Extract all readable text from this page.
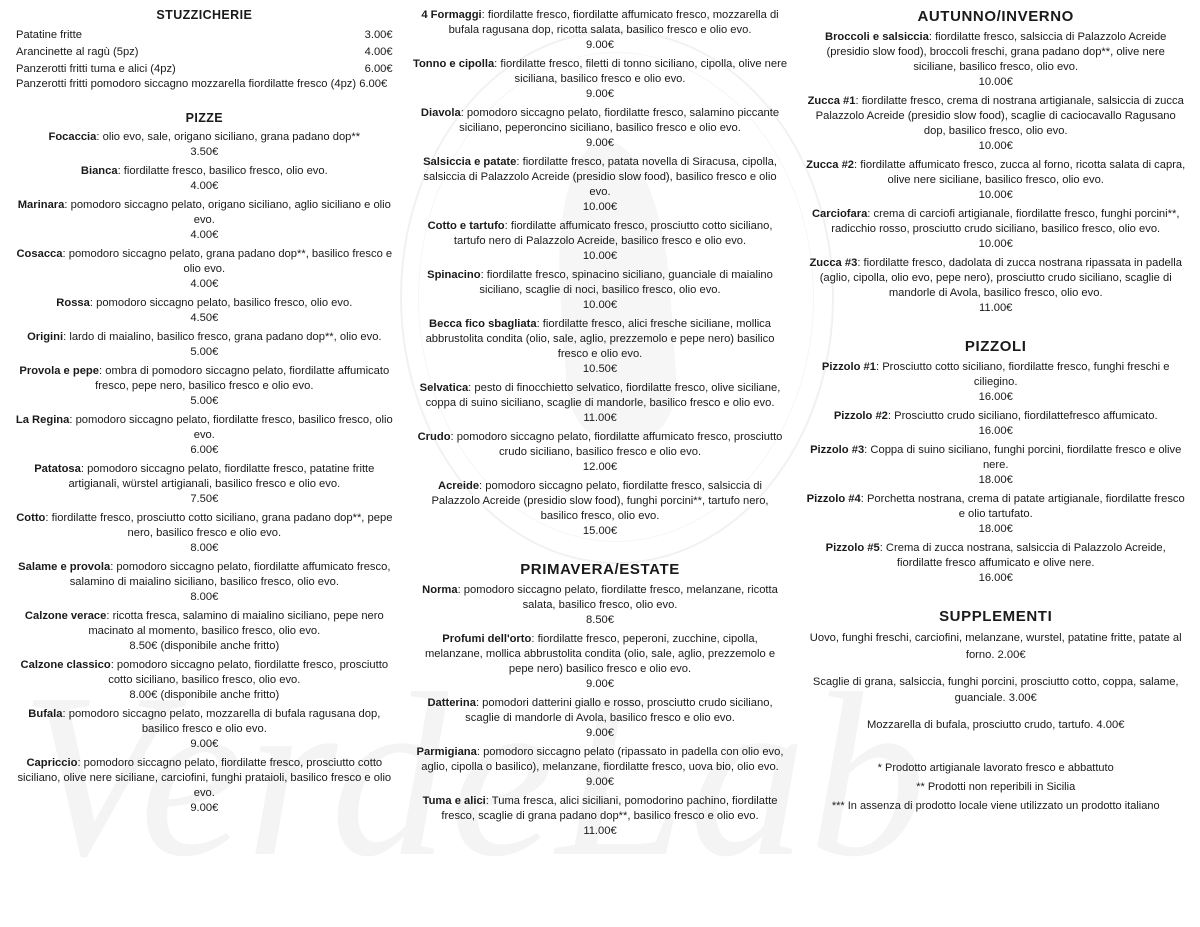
STUZZICHERIE
Patatine fritte	3.00€
Arancinette al ragù (5pz)	4.00€
Panzerotti fritti tuma e alici (4pz)	6.00€
Panzerotti fritti pomodoro siccagno mozzarella fiordilatte fresco (4pz) 6.00€
PIZZE
Focaccia: olio evo, sale, origano siciliano, grana padano dop**
3.50€
Bianca: fiordilatte fresco, basilico fresco, olio evo.
4.00€
Marinara: pomodoro siccagno pelato, origano siciliano, aglio siciliano e olio evo.
4.00€
Cosacca: pomodoro siccagno pelato, grana padano dop**, basilico fresco e olio evo.
4.00€
Rossa: pomodoro siccagno pelato, basilico fresco, olio evo.
4.50€
Origini: lardo di maialino, basilico fresco, grana padano dop**, olio evo.
5.00€
Provola e pepe: ombra di pomodoro siccagno pelato, fiordilatte affumicato fresco, pepe nero, basilico fresco e olio evo.
5.00€
La Regina: pomodoro siccagno pelato, fiordilatte fresco, basilico fresco, olio evo.
6.00€
Patatosa: pomodoro siccagno pelato, fiordilatte fresco, patatine fritte artigianali, würstel artigianali, basilico fresco e olio evo.
7.50€
Cotto: fiordilatte fresco, prosciutto cotto siciliano, grana padano dop**, pepe nero, basilico fresco e olio evo.
8.00€
Salame e provola: pomodoro siccagno pelato, fiordilatte affumicato fresco, salamino di maialino siciliano, basilico fresco, olio evo.
8.00€
Calzone verace: ricotta fresca, salamino di maialino siciliano, pepe nero macinato al momento, basilico fresco, olio evo.
8.50€ (disponibile anche fritto)
Calzone classico: pomodoro siccagno pelato, fiordilatte fresco, prosciutto cotto siciliano, basilico fresco, olio evo.
8.00€ (disponibile anche fritto)
Bufala: pomodoro siccagno pelato, mozzarella di bufala ragusana dop, basilico fresco e olio evo.
9.00€
Capriccio: pomodoro siccagno pelato, fiordilatte fresco, prosciutto cotto siciliano, olive nere siciliane, carciofini, funghi prataioli, basilico fresco e olio evo.
9.00€
4 Formaggi: fiordilatte fresco, fiordilatte affumicato fresco, mozzarella di bufala ragusana dop, ricotta salata, basilico fresco e olio evo.
9.00€
Tonno e cipolla: fiordilatte fresco, filetti di tonno siciliano, cipolla, olive nere siciliana, basilico fresco e olio evo.
9.00€
Diavola: pomodoro siccagno pelato, fiordilatte fresco, salamino piccante siciliano, peperoncino siciliano, basilico fresco e olio evo.
9.00€
Salsiccia e patate: fiordilatte fresco, patata novella di Siracusa, cipolla, salsiccia di Palazzolo Acreide (presidio slow food), basilico fresco e olio evo.
10.00€
Cotto e tartufo: fiordilatte affumicato fresco, prosciutto cotto siciliano, tartufo nero di Palazzolo Acreide, basilico fresco e olio evo.
10.00€
Spinacino: fiordilatte fresco, spinacino siciliano, guanciale di maialino siciliano, scaglie di noci, basilico fresco, olio evo.
10.00€
Becca fico sbagliata: fiordilatte fresco, alici fresche siciliane, mollica abbrustolita condita (olio, sale, aglio, prezzemolo e pepe nero) basilico fresco e olio evo.
10.50€
Selvatica: pesto di finocchietto selvatico, fiordilatte fresco, olive siciliane, coppa di suino siciliano, scaglie di mandorle, basilico fresco e olio evo.
11.00€
Crudo: pomodoro siccagno pelato, fiordilatte affumicato fresco, prosciutto crudo siciliano, basilico fresco e olio evo.
12.00€
Acreide: pomodoro siccagno pelato, fiordilatte fresco, salsiccia di Palazzolo Acreide (presidio slow food), funghi porcini**, tartufo nero, basilico fresco, olio evo.
15.00€
PRIMAVERA/ESTATE
Norma: pomodoro siccagno pelato, fiordilatte fresco, melanzane, ricotta salata, basilico fresco, olio evo.
8.50€
Profumi dell'orto: fiordilatte fresco, peperoni, zucchine, cipolla, melanzane, mollica abbrustolita condita (olio, sale, aglio, prezzemolo e pepe nero) basilico fresco e olio evo.
9.00€
Datterina: pomodori datterini giallo e rosso, prosciutto crudo siciliano, scaglie di mandorle di Avola, basilico fresco e olio evo.
9.00€
Parmigiana: pomodoro siccagno pelato (ripassato in padella con olio evo, aglio, cipolla o basilico), melanzane, fiordilatte fresco, uova bio, olio evo.
9.00€
Tuma e alici: Tuma fresca, alici siciliani, pomodorino pachino, fiordilatte fresco, scaglie di grana padano dop**, basilico fresco e olio evo.
11.00€
AUTUNNO/INVERNO
Broccoli e salsiccia: fiordilatte fresco, salsiccia di Palazzolo Acreide (presidio slow food), broccoli freschi, grana padano dop**, olive nere siciliane, basilico fresco, olio evo.
10.00€
Zucca #1: fiordilatte fresco, crema di nostrana artigianale, salsiccia di zucca Palazzolo Acreide (presidio slow food), scaglie di caciocavallo Ragusano dop, basilico fresco, olio evo.
10.00€
Zucca #2: fiordilatte affumicato fresco, zucca al forno, ricotta salata di capra, olive nere siciliane, basilico fresco, olio evo.
10.00€
Carciofara: crema di carciofi artigianale, fiordilatte fresco, funghi porcini**, radicchio rosso, prosciutto crudo siciliano, basilico fresco, olio evo.
10.00€
Zucca #3: fiordilatte fresco, dadolata di zucca nostrana ripassata in padella (aglio, cipolla, olio evo, pepe nero), prosciutto crudo siciliano, scaglie di mandorle di Avola, basilico fresco, olio evo.
11.00€
PIZZOLI
Pizzolo #1: Prosciutto cotto siciliano, fiordilatte fresco, funghi freschi e ciliegino.
16.00€
Pizzolo #2: Prosciutto crudo siciliano, fiordilattefresco affumicato.
16.00€
Pizzolo #3: Coppa di suino siciliano, funghi porcini, fiordilatte fresco e olive nere.
18.00€
Pizzolo #4: Porchetta nostrana, crema di patate artigianale, fiordilatte fresco e olio tartufato.
18.00€
Pizzolo #5: Crema di zucca nostrana, salsiccia di Palazzolo Acreide, fiordilatte fresco affumicato e olive nere.
16.00€
SUPPLEMENTI
Uovo, funghi freschi, carciofini, melanzane, wurstel, patatine fritte, patate al forno. 2.00€
Scaglie di grana, salsiccia, funghi porcini, prosciutto cotto, coppa, salame, guanciale. 3.00€
Mozzarella di bufala, prosciutto crudo, tartufo. 4.00€
* Prodotto artigianale lavorato fresco e abbattuto
** Prodotti non reperibili in Sicilia
*** In assenza di prodotto locale viene utilizzato un prodotto italiano
